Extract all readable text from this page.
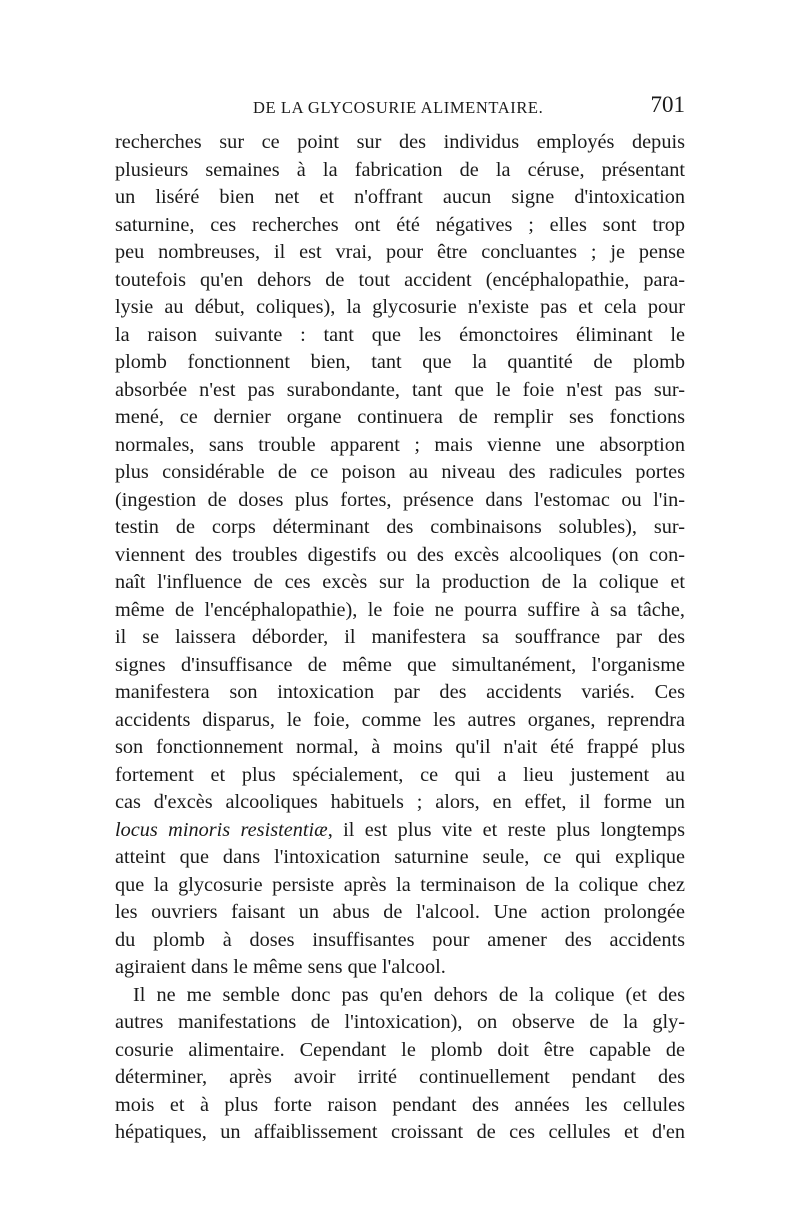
DE LA GLYCOSURIE ALIMENTAIRE.	701
recherches sur ce point sur des individus employés depuis
plusieurs semaines à la fabrication de la céruse, présentant
un liséré bien net et n'offrant aucun signe d'intoxication
saturnine, ces recherches ont été négatives ; elles sont trop
peu nombreuses, il est vrai, pour être concluantes ; je pense
toutefois qu'en dehors de tout accident (encéphalopathie, para-
lysie au début, coliques), la glycosurie n'existe pas et cela pour
la raison suivante : tant que les émonctoires éliminant le
plomb fonctionnent bien, tant que la quantité de plomb
absorbée n'est pas surabondante, tant que le foie n'est pas sur-
mené, ce dernier organe continuera de remplir ses fonctions
normales, sans trouble apparent ; mais vienne une absorption
plus considérable de ce poison au niveau des radicules portes
(ingestion de doses plus fortes, présence dans l'estomac ou l'in-
testin de corps déterminant des combinaisons solubles), sur-
viennent des troubles digestifs ou des excès alcooliques (on con-
naît l'influence de ces excès sur la production de la colique et
même de l'encéphalopathie), le foie ne pourra suffire à sa tâche,
il se laissera déborder, il manifestera sa souffrance par des
signes d'insuffisance de même que simultanément, l'organisme
manifestera son intoxication par des accidents variés. Ces
accidents disparus, le foie, comme les autres organes, reprendra
son fonctionnement normal, à moins qu'il n'ait été frappé plus
fortement et plus spécialement, ce qui a lieu justement au
cas d'excès alcooliques habituels ; alors, en effet, il forme un
locus minoris resistentiæ, il est plus vite et reste plus longtemps
atteint que dans l'intoxication saturnine seule, ce qui explique
que la glycosurie persiste après la terminaison de la colique chez
les ouvriers faisant un abus de l'alcool. Une action prolongée
du plomb à doses insuffisantes pour amener des accidents
agiraient dans le même sens que l'alcool.
Il ne me semble donc pas qu'en dehors de la colique (et des
autres manifestations de l'intoxication), on observe de la gly-
cosurie alimentaire. Cependant le plomb doit être capable de
déterminer, après avoir irrité continuellement pendant des
mois et à plus forte raison pendant des années les cellules
hépatiques, un affaiblissement croissant de ces cellules et d'en
